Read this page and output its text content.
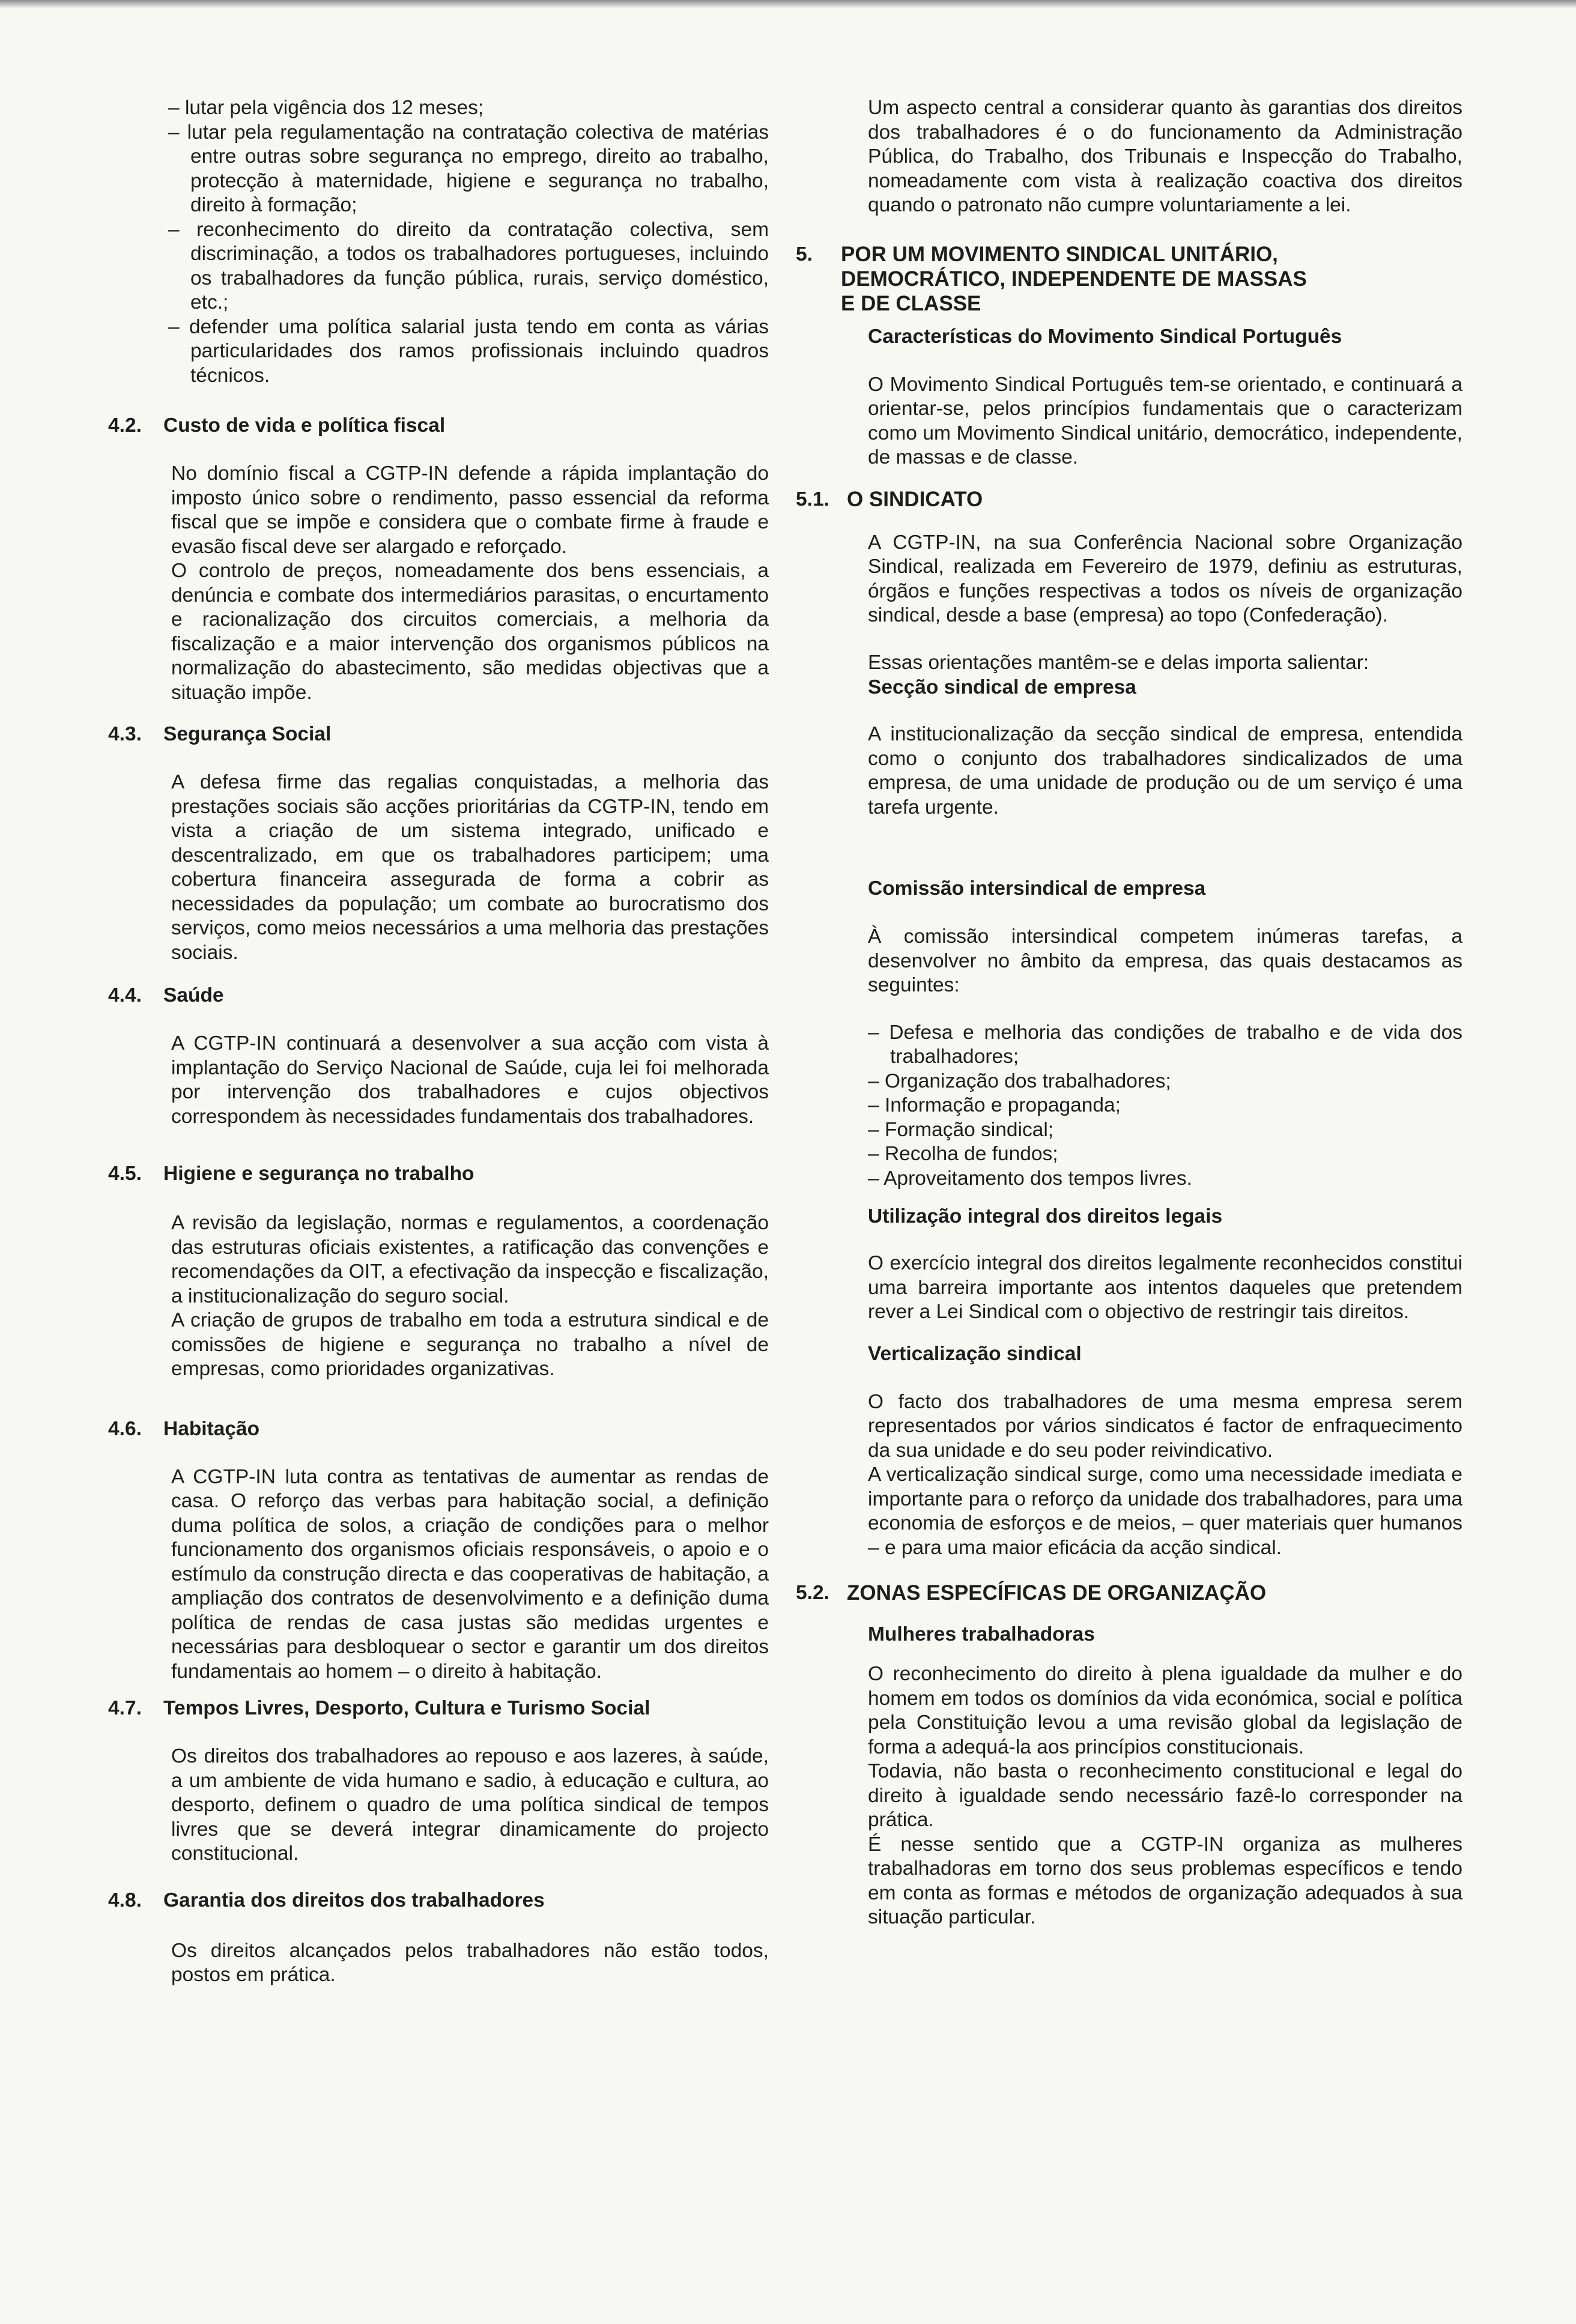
– lutar pela vigência dos 12 meses;
– lutar pela regulamentação na contratação colectiva de matérias entre outras sobre segurança no emprego, direito ao trabalho, protecção à maternidade, higiene e segurança no trabalho, direito à formação;
– reconhecimento do direito da contratação colectiva, sem discriminação, a todos os trabalhadores portugueses, incluindo os trabalhadores da função pública, rurais, serviço doméstico, etc.;
– defender uma política salarial justa tendo em conta as várias particularidades dos ramos profissionais incluindo quadros técnicos.
4.2.	Custo de vida e política fiscal

No domínio fiscal a CGTP-IN defende a rápida implantação do imposto único sobre o rendimento, passo essencial da reforma fiscal que se impõe e considera que o combate firme à fraude e evasão fiscal deve ser alargado e reforçado.

O controlo de preços, nomeadamente dos bens essenciais, a denúncia e combate dos intermediários parasitas, o encurtamento e racionalização dos circuitos comerciais, a melhoria da fiscalização e a maior intervenção dos organismos públicos na normalização do abastecimento, são medidas objectivas que a situação impõe.

4.3.	Segurança Social

A defesa firme das regalias conquistadas, a melhoria das prestações sociais são acções prioritárias da CGTP-IN, tendo em vista a criação de um sistema integrado, unificado e descentralizado, em que os trabalhadores participem; uma cobertura financeira assegurada de forma a cobrir as necessidades da população; um combate ao burocratismo dos serviços, como meios necessários a uma melhoria das prestações sociais.

4.4.	Saúde

A CGTP-IN continuará a desenvolver a sua acção com vista à implantação do Serviço Nacional de Saúde, cuja lei foi melhorada por intervenção dos trabalhadores e cujos objectivos correspondem às necessidades fundamentais dos trabalhadores.

4.5.	Higiene e segurança no trabalho

A revisão da legislação, normas e regulamentos, a coordenação das estruturas oficiais existentes, a ratificação das convenções e recomendações da OIT, a efectivação da inspecção e fiscalização, a institucionalização do seguro social.

A criação de grupos de trabalho em toda a estrutura sindical e de comissões de higiene e segurança no trabalho a nível de empresas, como prioridades organizativas.

4.6.	Habitação

A CGTP-IN luta contra as tentativas de aumentar as rendas de casa. O reforço das verbas para habitação social, a definição duma política de solos, a criação de condições para o melhor funcionamento dos organismos oficiais responsáveis, o apoio e o estímulo da construção directa e das cooperativas de habitação, a ampliação dos contratos de desenvolvimento e a definição duma política de rendas de casa justas são medidas urgentes e necessárias para desbloquear o sector e garantir um dos direitos fundamentais ao homem – o direito à habitação.

4.7.	Tempos Livres, Desporto, Cultura e Turismo Social

Os direitos dos trabalhadores ao repouso e aos lazeres, à saúde, a um ambiente de vida humano e sadio, à educação e cultura, ao desporto, definem o quadro de uma política sindical de tempos livres que se deverá integrar dinamicamente do projecto constitucional.

4.8.	Garantia dos direitos dos trabalhadores

Os direitos alcançados pelos trabalhadores não estão todos, postos em prática.

Um aspecto central a considerar quanto às garantias dos direitos dos trabalhadores é o do funcionamento da Administração Pública, do Trabalho, dos Tribunais e Inspecção do Trabalho, nomeadamente com vista à realização coactiva dos direitos quando o patronato não cumpre voluntariamente a lei.

5.	POR UM MOVIMENTO SINDICAL UNITÁRIO,
DEMOCRÁTICO, INDEPENDENTE DE MASSAS
E DE CLASSE

Características do Movimento Sindical Português

O Movimento Sindical Português tem-se orientado, e continuará a orientar-se, pelos princípios fundamentais que o caracterizam como um Movimento Sindical unitário, democrático, independente, de massas e de classe.

5.1. O SINDICATO

A CGTP-IN, na sua Conferência Nacional sobre Organização Sindical, realizada em Fevereiro de 1979, definiu as estruturas, órgãos e funções respectivas a todos os níveis de organização sindical, desde a base (empresa) ao topo (Confederação).

Essas orientações mantêm-se e delas importa salientar:

Secção sindical de empresa

A institucionalização da secção sindical de empresa, entendida como o conjunto dos trabalhadores sindicalizados de uma empresa, de uma unidade de produção ou de um serviço é uma tarefa urgente.

Comissão intersindical de empresa

À comissão intersindical competem inúmeras tarefas, a desenvolver no âmbito da empresa, das quais destacamos as seguintes:

– Defesa e melhoria das condições de trabalho e de vida dos trabalhadores;
– Organização dos trabalhadores;
– Informação e propaganda;
– Formação sindical;
– Recolha de fundos;
– Aproveitamento dos tempos livres.

Utilização integral dos direitos legais

O exercício integral dos direitos legalmente reconhecidos constitui uma barreira importante aos intentos daqueles que pretendem rever a Lei Sindical com o objectivo de restringir tais direitos.

Verticalização sindical

O facto dos trabalhadores de uma mesma empresa serem representados por vários sindicatos é factor de enfraquecimento da sua unidade e do seu poder reivindicativo.

A verticalização sindical surge, como uma necessidade imediata e importante para o reforço da unidade dos trabalhadores, para uma economia de esforços e de meios, – quer materiais quer humanos – e para uma maior eficácia da acção sindical.

5.2. ZONAS ESPECÍFICAS DE ORGANIZAÇÃO

Mulheres trabalhadoras

O reconhecimento do direito à plena igualdade da mulher e do homem em todos os domínios da vida económica, social e política pela Constituição levou a uma revisão global da legislação de forma a adequá-la aos princípios constitucionais.

Todavia, não basta o reconhecimento constitucional e legal do direito à igualdade sendo necessário fazê-lo corresponder na prática.

É nesse sentido que a CGTP-IN organiza as mulheres trabalhadoras em torno dos seus problemas específicos e tendo em conta as formas e métodos de organização adequados à sua situação particular.
